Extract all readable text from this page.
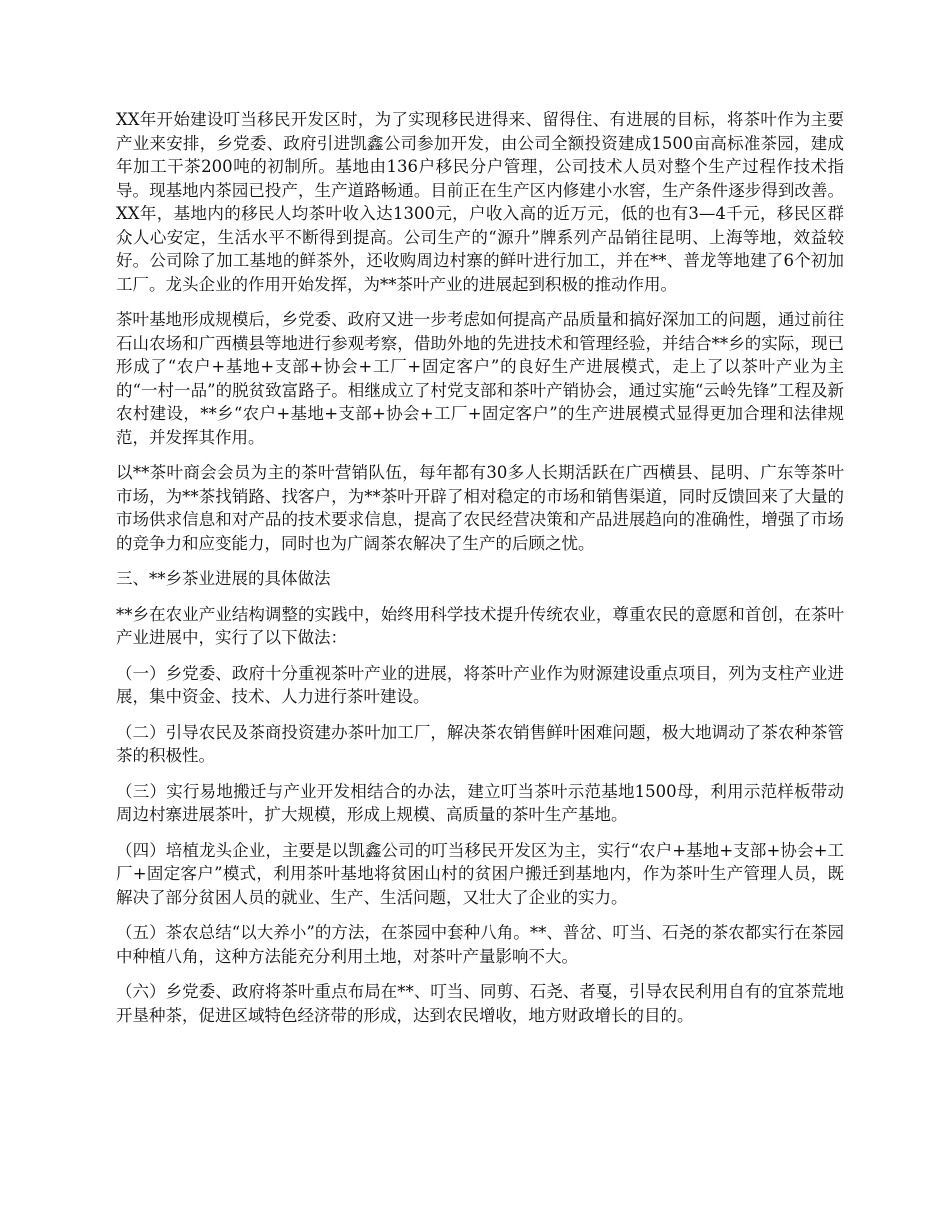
XX年开始建设叮当移民开发区时，为了实现移民进得来、留得住、有进展的目标，将茶叶作为主要产业来安排，乡党委、政府引进凯鑫公司参加开发，由公司全额投资建成1500亩高标准茶园，建成年加工干茶200吨的初制所。基地由136户移民分户管理，公司技术人员对整个生产过程作技术指导。现基地内茶园已投产，生产道路畅通。目前正在生产区内修建小水窖，生产条件逐步得到改善。XX年，基地内的移民人均茶叶收入达1300元，户收入高的近万元，低的也有3—4千元，移民区群众人心安定，生活水平不断得到提高。公司生产的“源升”牌系列产品销往昆明、上海等地，效益较好。公司除了加工基地的鲜茶外，还收购周边村寨的鲜叶进行加工，并在**、普龙等地建了6个初加工厂。龙头企业的作用开始发挥，为**茶叶产业的进展起到积极的推动作用。

茶叶基地形成规模后，乡党委、政府又进一步考虑如何提高产品质量和搞好深加工的问题，通过前往石山农场和广西横县等地进行参观考察，借助外地的先进技术和管理经验，并结合**乡的实际，现已形成了“农户+基地+支部+协会+工厂+固定客户”的良好生产进展模式，走上了以茶叶产业为主的“一村一品”的脱贫致富路子。相继成立了村党支部和茶叶产销协会，通过实施“云岭先锋”工程及新农村建设，**乡“农户+基地+支部+协会+工厂+固定客户”的生产进展模式显得更加合理和法律规范，并发挥其作用。

以**茶叶商会会员为主的茶叶营销队伍，每年都有30多人长期活跃在广西横县、昆明、广东等茶叶市场，为**茶找销路、找客户，为**茶叶开辟了相对稳定的市场和销售渠道，同时反馈回来了大量的市场供求信息和对产品的技术要求信息，提高了农民经营决策和产品进展趋向的准确性，增强了市场的竞争力和应变能力，同时也为广阔茶农解决了生产的后顾之忧。

三、**乡茶业进展的具体做法

**乡在农业产业结构调整的实践中，始终用科学技术提升传统农业，尊重农民的意愿和首创，在茶叶产业进展中，实行了以下做法：

（一）乡党委、政府十分重视茶叶产业的进展，将茶叶产业作为财源建设重点项目，列为支柱产业进展，集中资金、技术、人力进行茶叶建设。

（二）引导农民及茶商投资建办茶叶加工厂，解决茶农销售鲜叶困难问题，极大地调动了茶农种茶管茶的积极性。

（三）实行易地搬迁与产业开发相结合的办法，建立叮当茶叶示范基地1500母，利用示范样板带动周边村寨进展茶叶，扩大规模，形成上规模、高质量的茶叶生产基地。

（四）培植龙头企业，主要是以凯鑫公司的叮当移民开发区为主，实行“农户+基地+支部+协会+工厂+固定客户”模式，利用茶叶基地将贫困山村的贫困户搬迁到基地内，作为茶叶生产管理人员，既解决了部分贫困人员的就业、生产、生活问题，又壮大了企业的实力。

（五）茶农总结“以大养小”的方法，在茶园中套种八角。**、普岔、叮当、石尧的茶农都实行在茶园中种植八角，这种方法能充分利用土地，对茶叶产量影响不大。

（六）乡党委、政府将茶叶重点布局在**、叮当、同剪、石尧、者戛，引导农民利用自有的宜茶荒地开垦种茶，促进区域特色经济带的形成，达到农民增收，地方财政增长的目的。
